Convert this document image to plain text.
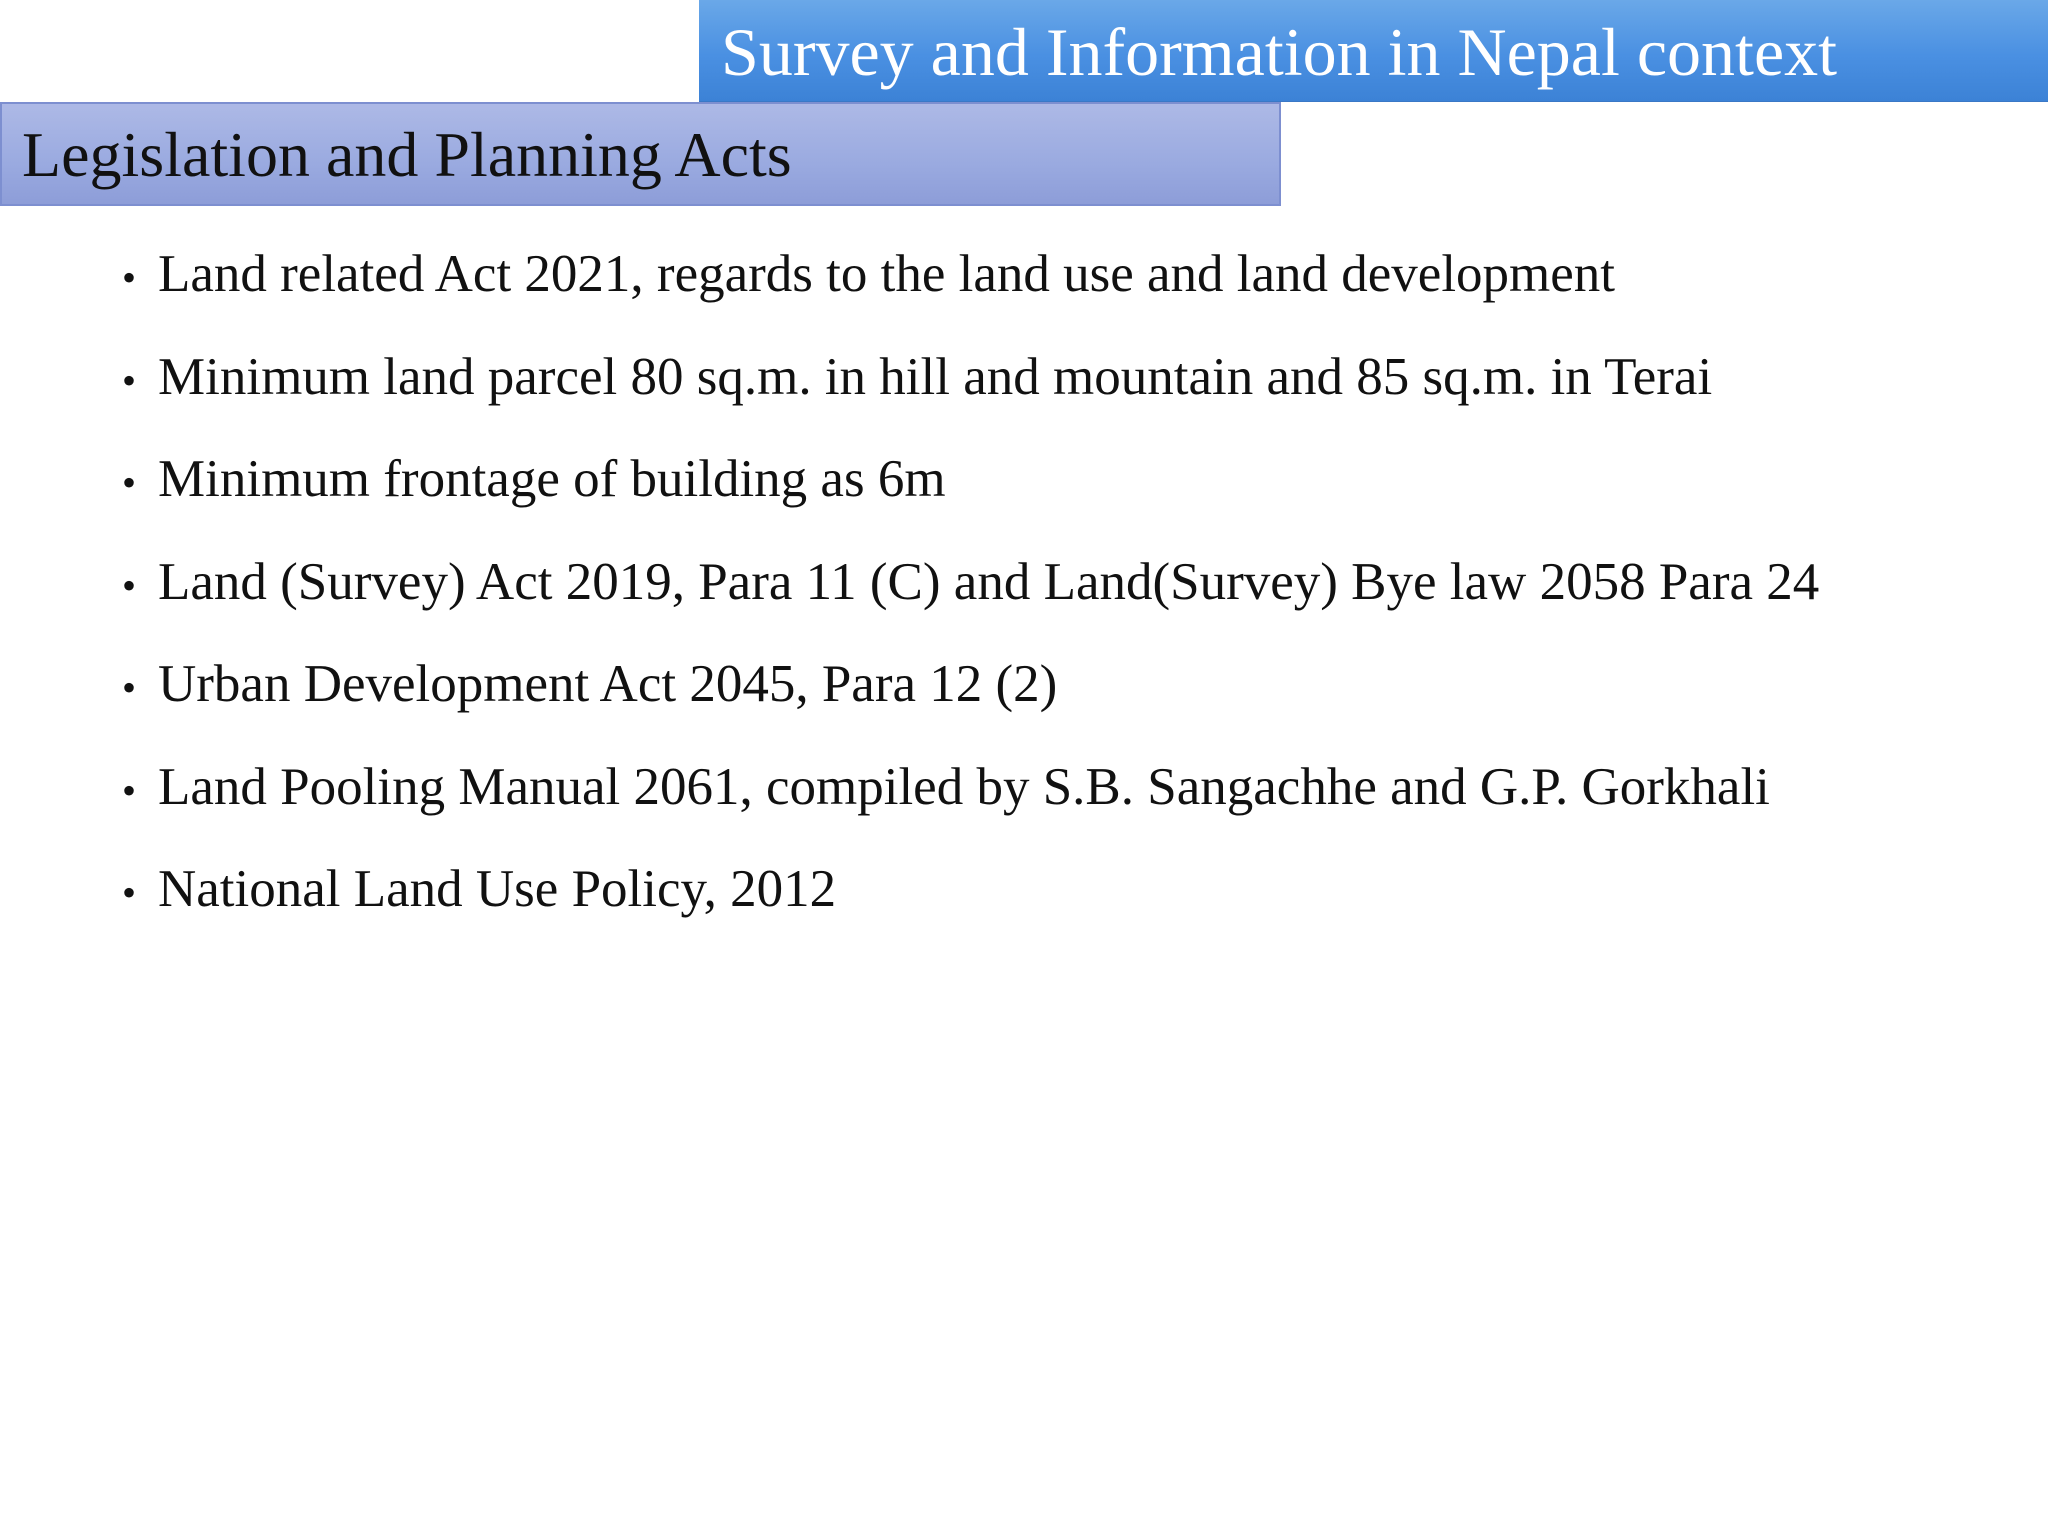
Survey and Information in Nepal context
Legislation and Planning Acts
• Land related Act 2021, regards to the land use and land development
• Minimum land parcel 80 sq.m. in hill and mountain and 85 sq.m. in Terai
• Minimum frontage of building as 6m
• Land (Survey) Act 2019, Para 11 (C) and Land(Survey) Bye law 2058 Para 24
• Urban Development Act 2045, Para 12 (2)
• Land Pooling Manual 2061, compiled by S.B. Sangachhe and G.P. Gorkhali
• National Land Use Policy, 2012
